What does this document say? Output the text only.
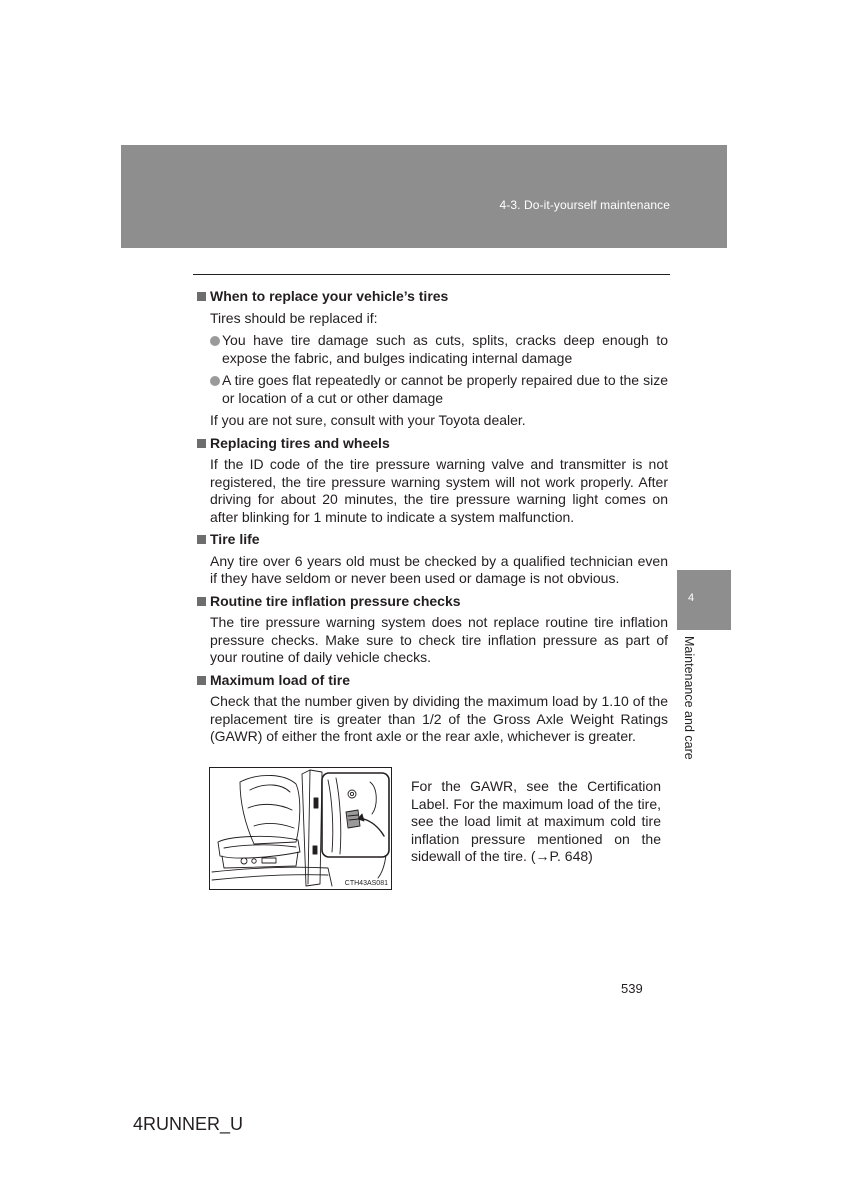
4-3. Do-it-yourself maintenance
When to replace your vehicle’s tires

Tires should be replaced if:

You have tire damage such as cuts, splits, cracks deep enough to expose the fabric, and bulges indicating internal damage
A tire goes flat repeatedly or cannot be properly repaired due to the size or location of a cut or other damage

If you are not sure, consult with your Toyota dealer.

Replacing tires and wheels

If the ID code of the tire pressure warning valve and transmitter is not registered, the tire pressure warning system will not work properly. After driving for about 20 minutes, the tire pressure warning light comes on after blinking for 1 minute to indicate a system malfunction.

Tire life

Any tire over 6 years old must be checked by a qualified technician even if they have seldom or never been used or damage is not obvious.

Routine tire inflation pressure checks

The tire pressure warning system does not replace routine tire inflation pressure checks. Make sure to check tire inflation pressure as part of your routine of daily vehicle checks.

Maximum load of tire

Check that the number given by dividing the maximum load by 1.10 of the replacement tire is greater than 1/2 of the Gross Axle Weight Ratings (GAWR) of either the front axle or the rear axle, whichever is greater.

CTH43AS081

For the GAWR, see the Certification Label. For the maximum load of the tire, see the load limit at maximum cold tire inflation pressure mentioned on the sidewall of the tire. (→P. 648)

4
Maintenance and care
539
4RUNNER_U
